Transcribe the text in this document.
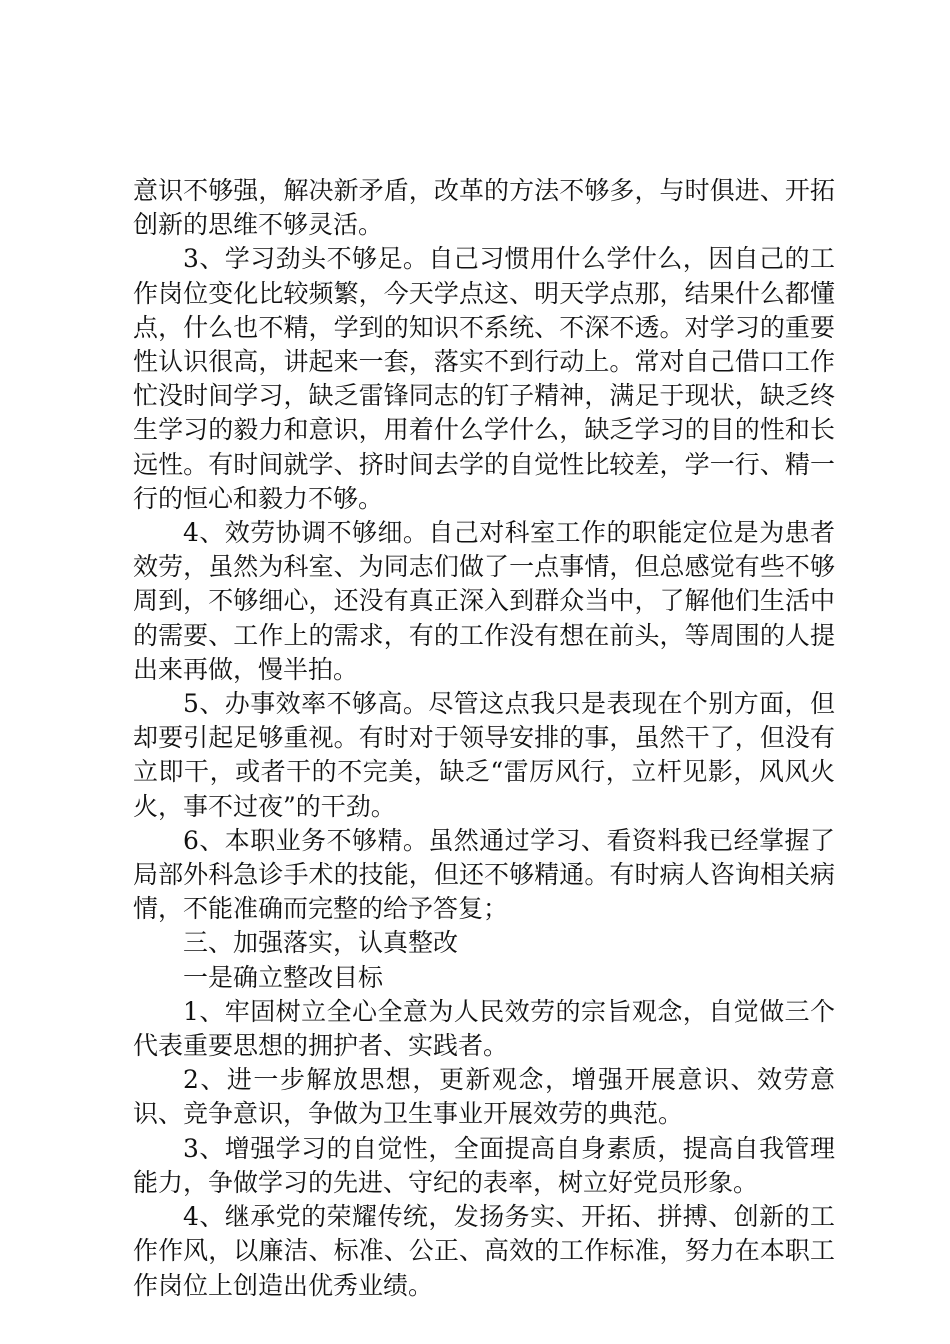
意识不够强，解决新矛盾，改革的方法不够多，与时俱进、开拓创新的思维不够灵活。

3、学习劲头不够足。自己习惯用什么学什么，因自己的工作岗位变化比较频繁，今天学点这、明天学点那，结果什么都懂点，什么也不精，学到的知识不系统、不深不透。对学习的重要性认识很高，讲起来一套，落实不到行动上。常对自己借口工作忙没时间学习，缺乏雷锋同志的钉子精神，满足于现状，缺乏终生学习的毅力和意识，用着什么学什么，缺乏学习的目的性和长远性。有时间就学、挤时间去学的自觉性比较差，学一行、精一行的恒心和毅力不够。

4、效劳协调不够细。自己对科室工作的职能定位是为患者效劳，虽然为科室、为同志们做了一点事情，但总感觉有些不够周到，不够细心，还没有真正深入到群众当中，了解他们生活中的需要、工作上的需求，有的工作没有想在前头，等周围的人提出来再做，慢半拍。

5、办事效率不够高。尽管这点我只是表现在个别方面，但却要引起足够重视。有时对于领导安排的事，虽然干了，但没有立即干，或者干的不完美，缺乏“雷厉风行，立杆见影，风风火火，事不过夜”的干劲。

6、本职业务不够精。虽然通过学习、看资料我已经掌握了局部外科急诊手术的技能，但还不够精通。有时病人咨询相关病情，不能准确而完整的给予答复；

三、加强落实，认真整改

一是确立整改目标

1、牢固树立全心全意为人民效劳的宗旨观念，自觉做三个代表重要思想的拥护者、实践者。

2、进一步解放思想，更新观念，增强开展意识、效劳意识、竞争意识，争做为卫生事业开展效劳的典范。

3、增强学习的自觉性，全面提高自身素质，提高自我管理能力，争做学习的先进、守纪的表率，树立好党员形象。

4、继承党的荣耀传统，发扬务实、开拓、拼搏、创新的工作作风，以廉洁、标准、公正、高效的工作标准，努力在本职工作岗位上创造出优秀业绩。
